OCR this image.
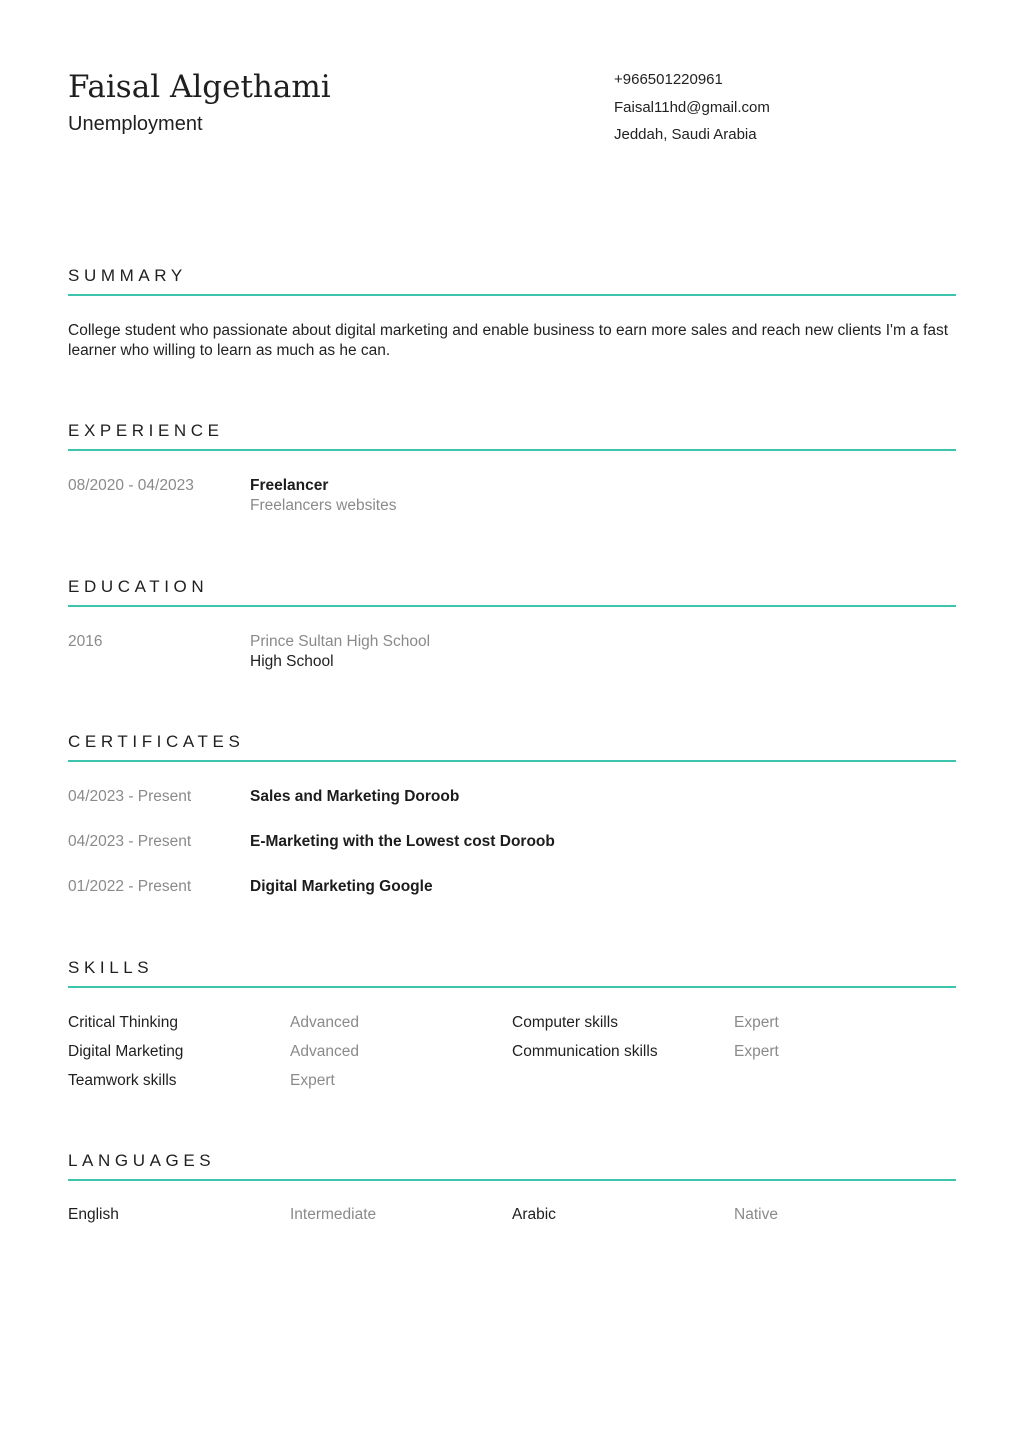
Faisal Algethami
Unemployment
+966501220961
Faisal11hd@gmail.com
Jeddah, Saudi Arabia
SUMMARY
College student who passionate about digital marketing and enable business to earn more sales and reach new clients I'm a fast learner who willing to learn as much as he can.
EXPERIENCE
08/2020 - 04/2023	Freelancer
Freelancers websites
EDUCATION
2016	Prince Sultan High School
High School
CERTIFICATES
04/2023 - Present	Sales and Marketing Doroob
04/2023 - Present	E-Marketing with the Lowest cost Doroob
01/2022 - Present	Digital Marketing Google
SKILLS
Critical Thinking	Advanced	Computer skills	Expert
Digital Marketing	Advanced	Communication skills	Expert
Teamwork skills	Expert
LANGUAGES
English	Intermediate	Arabic	Native
